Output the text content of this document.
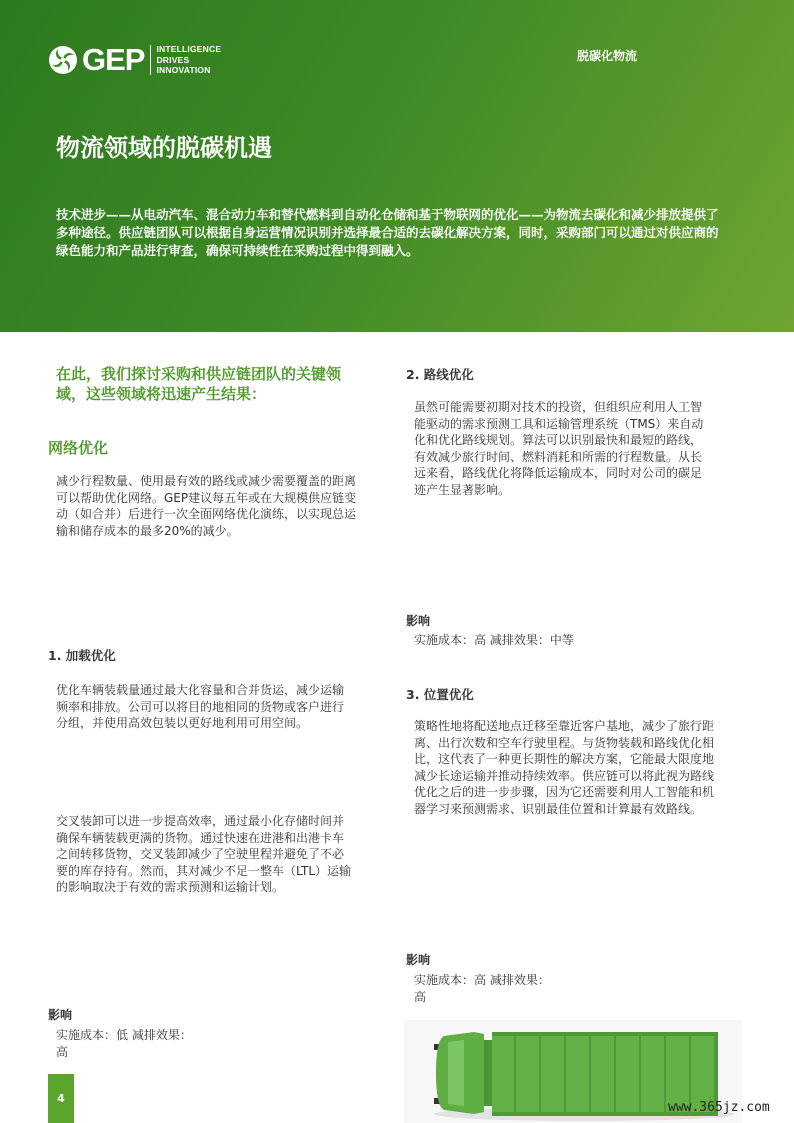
GEP INTELLIGENCE
DRIVES
INNOVATION
脱碳化物流
物流领域的脱碳机遇

技术进步——从电动汽车、混合动力车和替代燃料到自动化仓储和基于物联网的优化——为物流去碳化和减少排放提供了多种途径。供应链团队可以根据自身运营情况识别并选择最合适的去碳化解决方案，同时，采购部门可以通过对供应商的绿色能力和产品进行审查，确保可持续性在采购过程中得到融入。

在此，我们探讨采购和供应链团队的关键领域，这些领域将迅速产生结果：

网络优化

减少行程数量、使用最有效的路线或减少需要覆盖的距离可以帮助优化网络。GEP建议每五年或在大规模供应链变动（如合并）后进行一次全面网络优化演练，以实现总运输和储存成本的最多20%的减少。

1. 加载优化

优化车辆装载量通过最大化容量和合并货运，减少运输频率和排放。公司可以将目的地相同的货物或客户进行分组，并使用高效包装以更好地利用可用空间。

交叉装卸可以进一步提高效率，通过最小化存储时间并确保车辆装载更满的货物。通过快速在进港和出港卡车之间转移货物，交叉装卸减少了空驶里程并避免了不必要的库存持有。然而，其对减少不足一整车（LTL）运输的影响取决于有效的需求预测和运输计划。

影响

实施成本：低 减排效果：高

2. 路线优化

虽然可能需要初期对技术的投资，但组织应利用人工智能驱动的需求预测工具和运输管理系统（TMS）来自动化和优化路线规划。算法可以识别最快和最短的路线，有效减少旅行时间、燃料消耗和所需的行程数量。从长远来看，路线优化将降低运输成本，同时对公司的碳足迹产生显著影响。

影响

实施成本：高 减排效果：中等

3. 位置优化

策略性地将配送地点迁移至靠近客户基地，减少了旅行距离、出行次数和空车行驶里程。与货物装载和路线优化相比，这代表了一种更长期性的解决方案，它能最大限度地减少长途运输并推动持续效率。供应链可以将此视为路线优化之后的进一步步骤，因为它还需要利用人工智能和机器学习来预测需求、识别最佳位置和计算最有效路线。

影响

实施成本：高 减排效果：高

4
www.365jz.com
